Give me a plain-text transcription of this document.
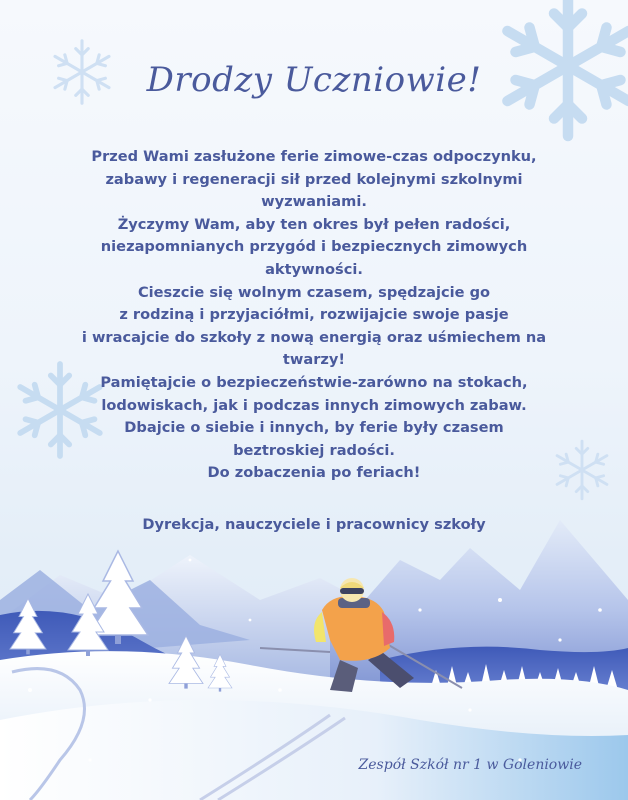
Drodzy Uczniowie!

Przed Wami zasłużone ferie zimowe-czas odpoczynku,

zabawy i regeneracji sił przed kolejnymi szkolnymi

wyzwaniami.

Życzymy Wam, aby ten okres był pełen radości,

niezapomnianych przygód i bezpiecznych zimowych

aktywności.

Cieszcie się wolnym czasem, spędzajcie go

z rodziną i przyjaciółmi, rozwijajcie swoje pasje

i wracajcie do szkoły z nową energią oraz uśmiechem na

twarzy!

Pamiętajcie o bezpieczeństwie-zarówno na stokach,

lodowiskach, jak i podczas innych zimowych zabaw.

Dbajcie o siebie i innych, by ferie były czasem

beztroskiej radości.

Do zobaczenia po feriach!

Dyrekcja, nauczyciele i pracownicy szkoły
Zespół Szkół nr 1 w Goleniowie
